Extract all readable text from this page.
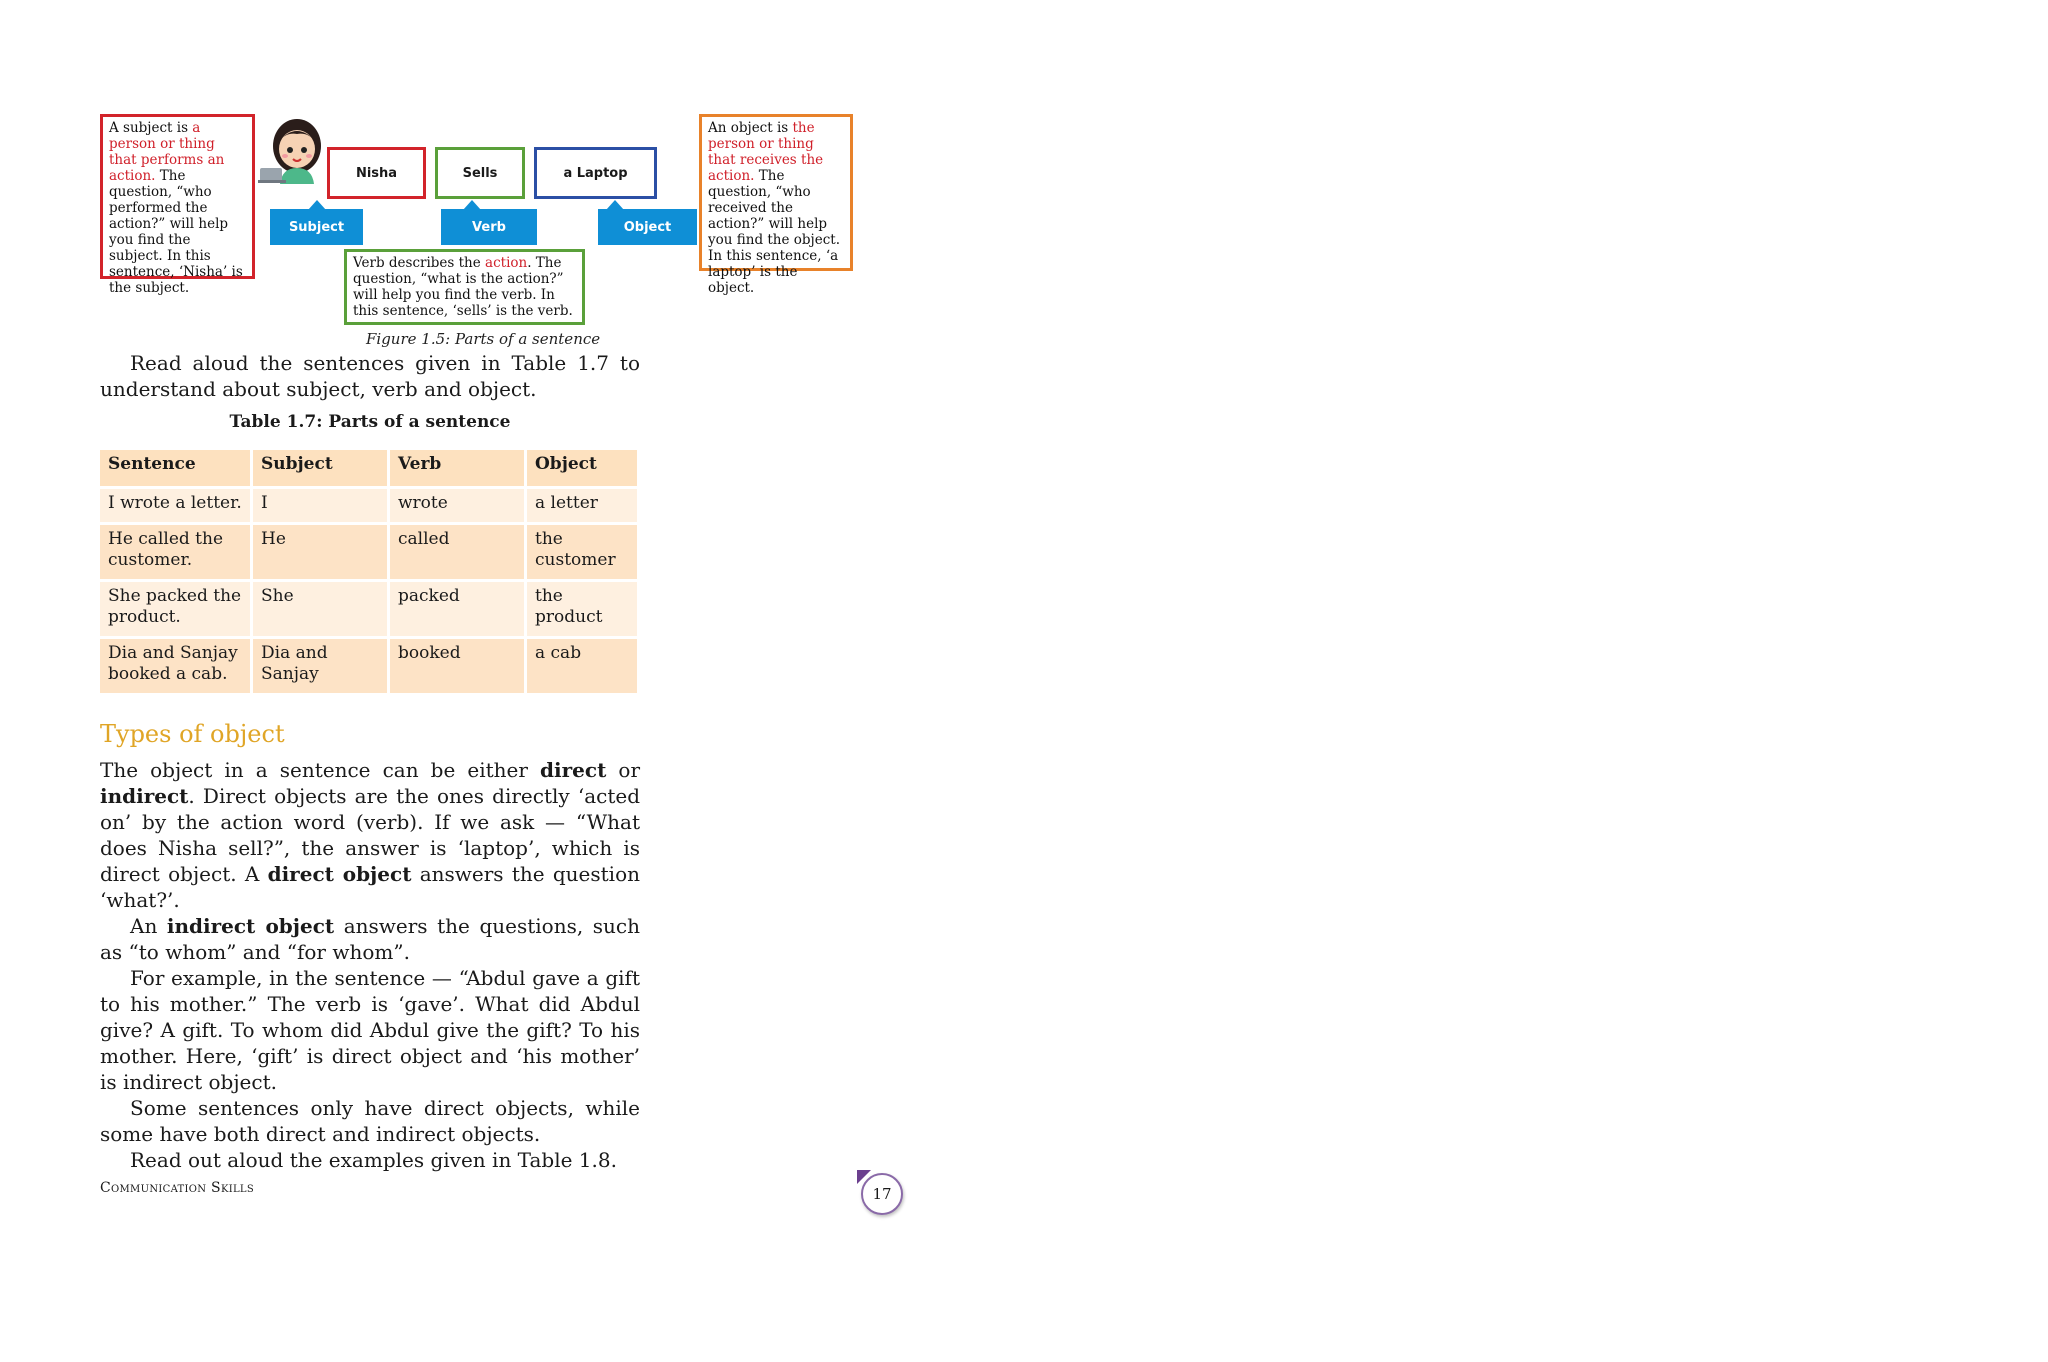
A subject is a person or thing that performs an action. The question, “who performed the action?” will help you find the subject. In this sentence, ‘Nisha’ is the subject.
Nisha	Sells	a Laptop
Subject	Verb	Object
Verb describes the action. The question, “what is the action?” will help you find the verb. In this sentence, ‘sells’ is the verb.
An object is the person or thing that receives the action. The question, “who received the action?” will help you find the object. In this sentence, ‘a laptop’ is the object.
Figure 1.5: Parts of a sentence

Read aloud the sentences given in Table 1.7 to understand about subject, verb and object.

Table 1.7: Parts of a sentence
Sentence	Subject	Verb	Object
I wrote a letter.	I	wrote	a letter
He called the customer.	He	called	the customer
She packed the product.	She	packed	the product
Dia and Sanjay booked a cab.	Dia and Sanjay	booked	a cab
Types of object

The object in a sentence can be either direct or indirect. Direct objects are the ones directly ‘acted on’ by the action word (verb). If we ask — “What does Nisha sell?”, the answer is ‘laptop’, which is direct object. A direct object answers the question ‘what?’.

An indirect object answers the questions, such as “to whom” and “for whom”.

For example, in the sentence — “Abdul gave a gift to his mother.” The verb is ‘gave’. What did Abdul give? A gift. To whom did Abdul give the gift? To his mother. Here, ‘gift’ is direct object and ‘his mother’ is indirect object.

Some sentences only have direct objects, while some have both direct and indirect objects.

Read out aloud the examples given in Table 1.8.

Communication Skills	17
